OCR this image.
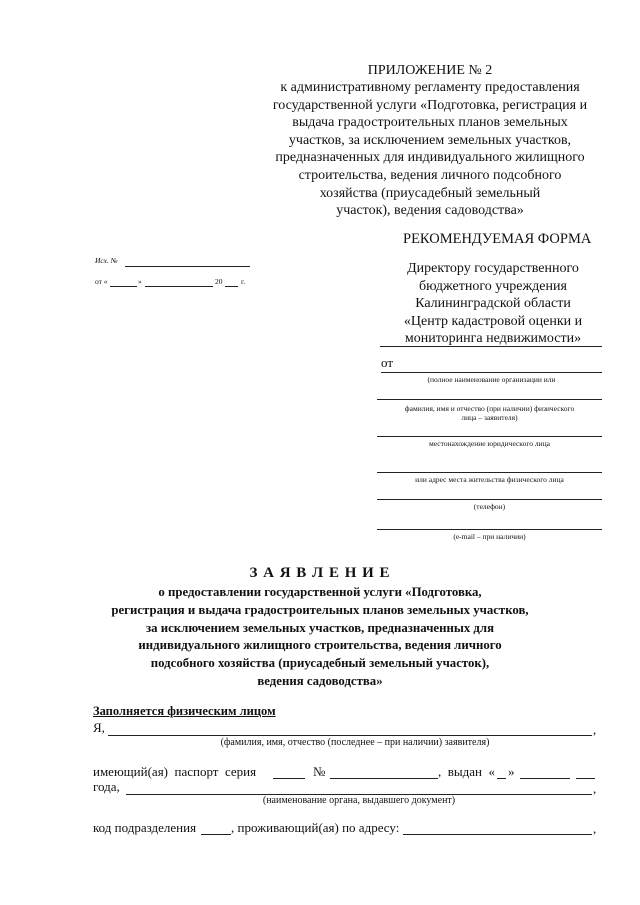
ПРИЛОЖЕНИЕ № 2
к административному регламенту предоставления
государственной услуги «Подготовка, регистрация и
выдача градостроительных планов земельных
участков, за исключением земельных участков,
предназначенных для индивидуального жилищного
строительства, ведения личного подсобного
хозяйства (приусадебный земельный
участок), ведения садоводства»
РЕКОМЕНДУЕМАЯ ФОРМА
Исх. №
от «	»	20 г.
Директору государственного
бюджетного учреждения
Калининградской области
«Центр кадастровой оценки и
мониторинга недвижимости»
от
(полное наименование организации или
фамилия, имя и отчество (при наличии) физического
лица – заявителя)
местонахождение юридического лица
или адрес места жительства физического лица
(телефон)
(e-mail – при наличии)
З А Я В Л Е Н И Е
о предоставлении государственной услуги «Подготовка,
регистрация и выдача градостроительных планов земельных участков,
за исключением земельных участков, предназначенных для
индивидуального жилищного строительства, ведения личного
подсобного хозяйства (приусадебный земельный участок),
ведения садоводства»
Заполняется физическим лицом
Я,	,
(фамилия, имя, отчество (последнее – при наличии) заявителя)
имеющий(ая)  паспорт  серия	№	,  выдан  « »
года,	,
(наименование органа, выдавшего документ)
код подразделения	, проживающий(ая) по адресу:	,
